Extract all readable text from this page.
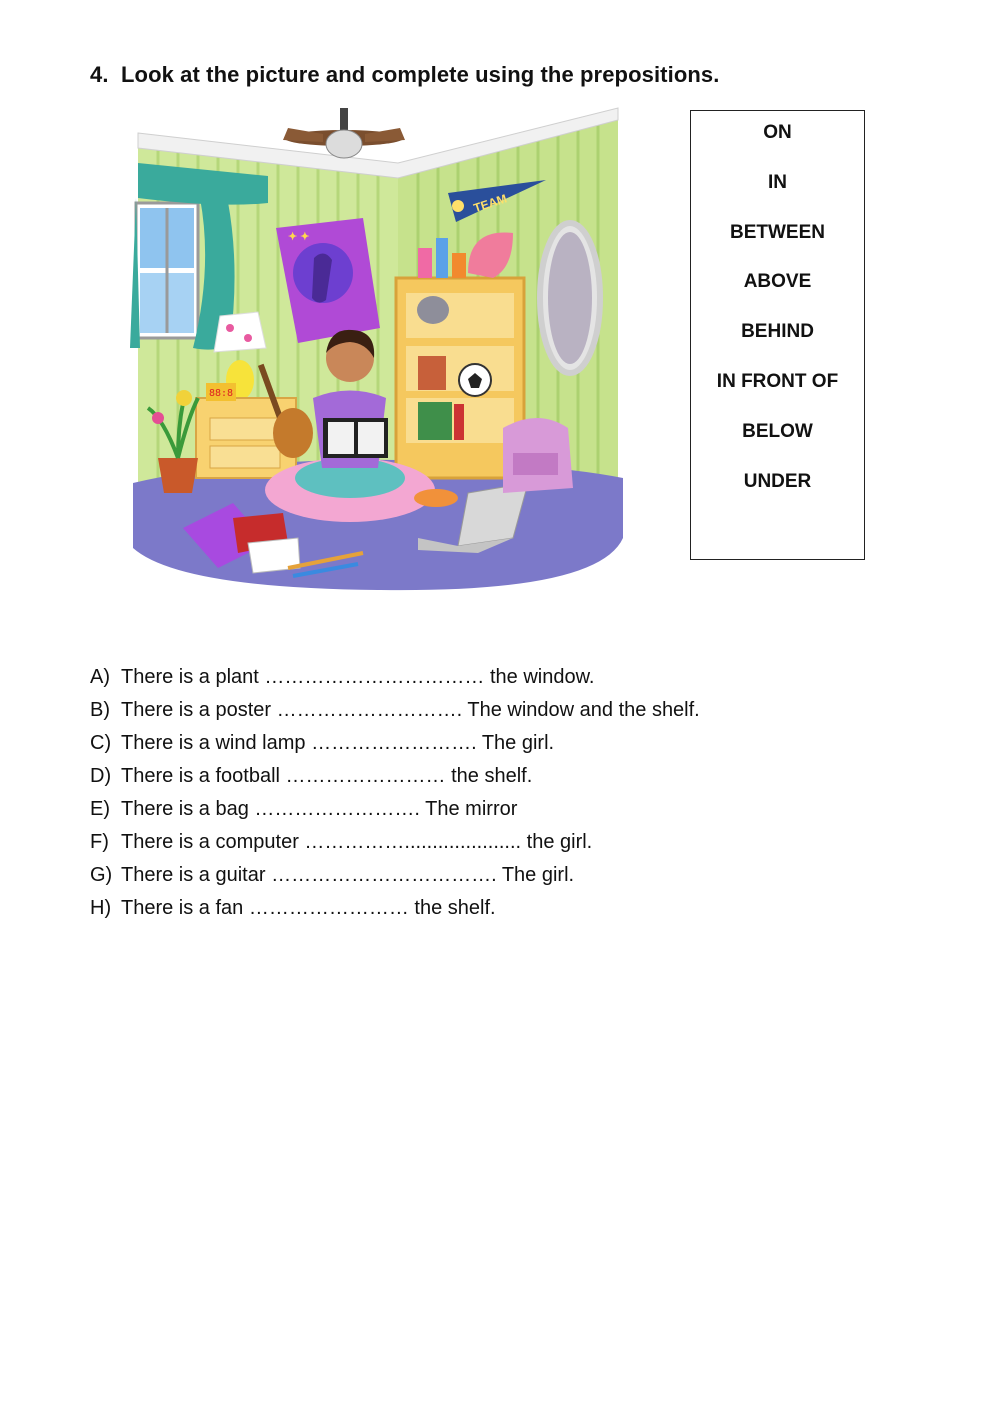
4. Look at the picture and complete using the prepositions.
✦ ✦
TEAM
88:8
ON
IN
BETWEEN
ABOVE
BEHIND
IN FRONT OF
BELOW
UNDER
A) There is a plant …………………………… the window.
B) There is a poster ………………………. The window and the shelf.
C) There is a wind lamp ……………………. The girl.
D) There is a football …………………… the shelf.
E) There is a bag ……………………. The mirror
F) There is a computer ……………..................... the girl.
G) There is a guitar ……………………………. The girl.
H) There is a fan …………………… the shelf.
